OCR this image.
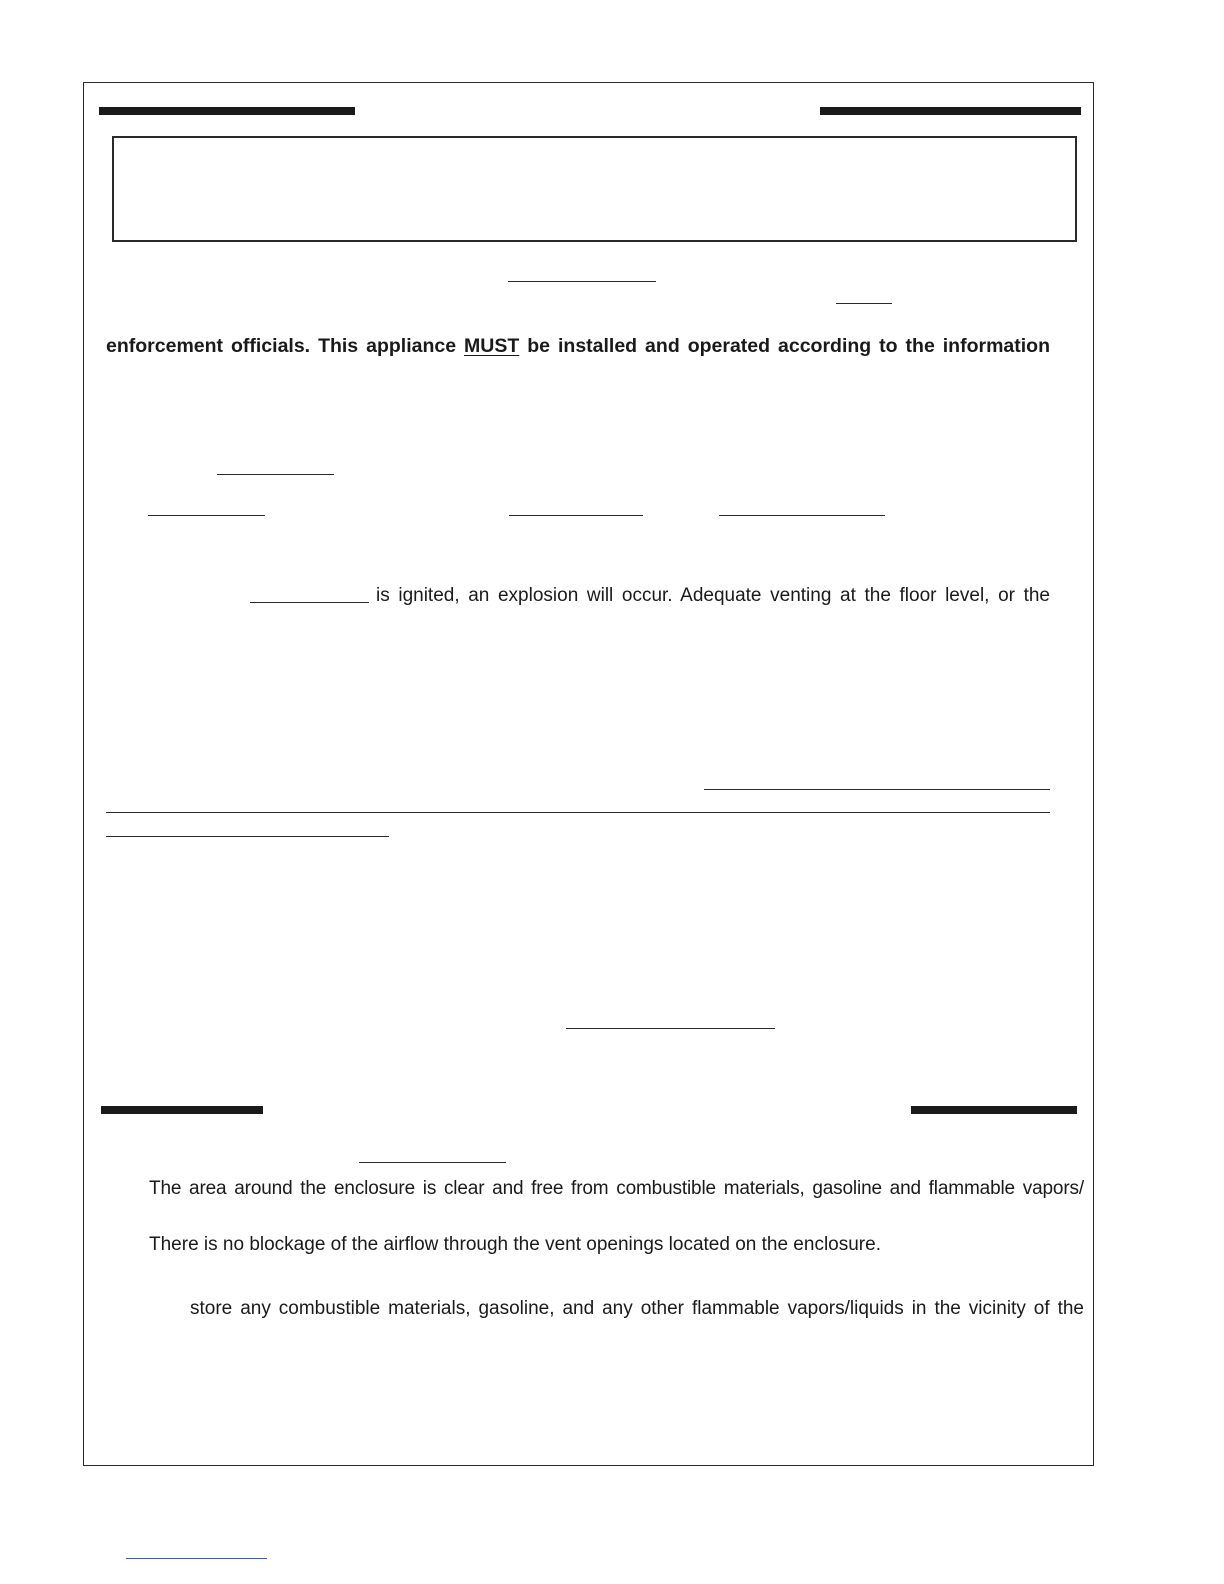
enforcement officials. This appliance MUST be installed and operated according to the information
is ignited, an explosion will occur. Adequate venting at the floor level, or the
The area around the enclosure is clear and free from combustible materials, gasoline and flammable vapors/
There is no blockage of the airflow through the vent openings located on the enclosure.
store any combustible materials, gasoline, and any other flammable vapors/liquids in the vicinity of the
